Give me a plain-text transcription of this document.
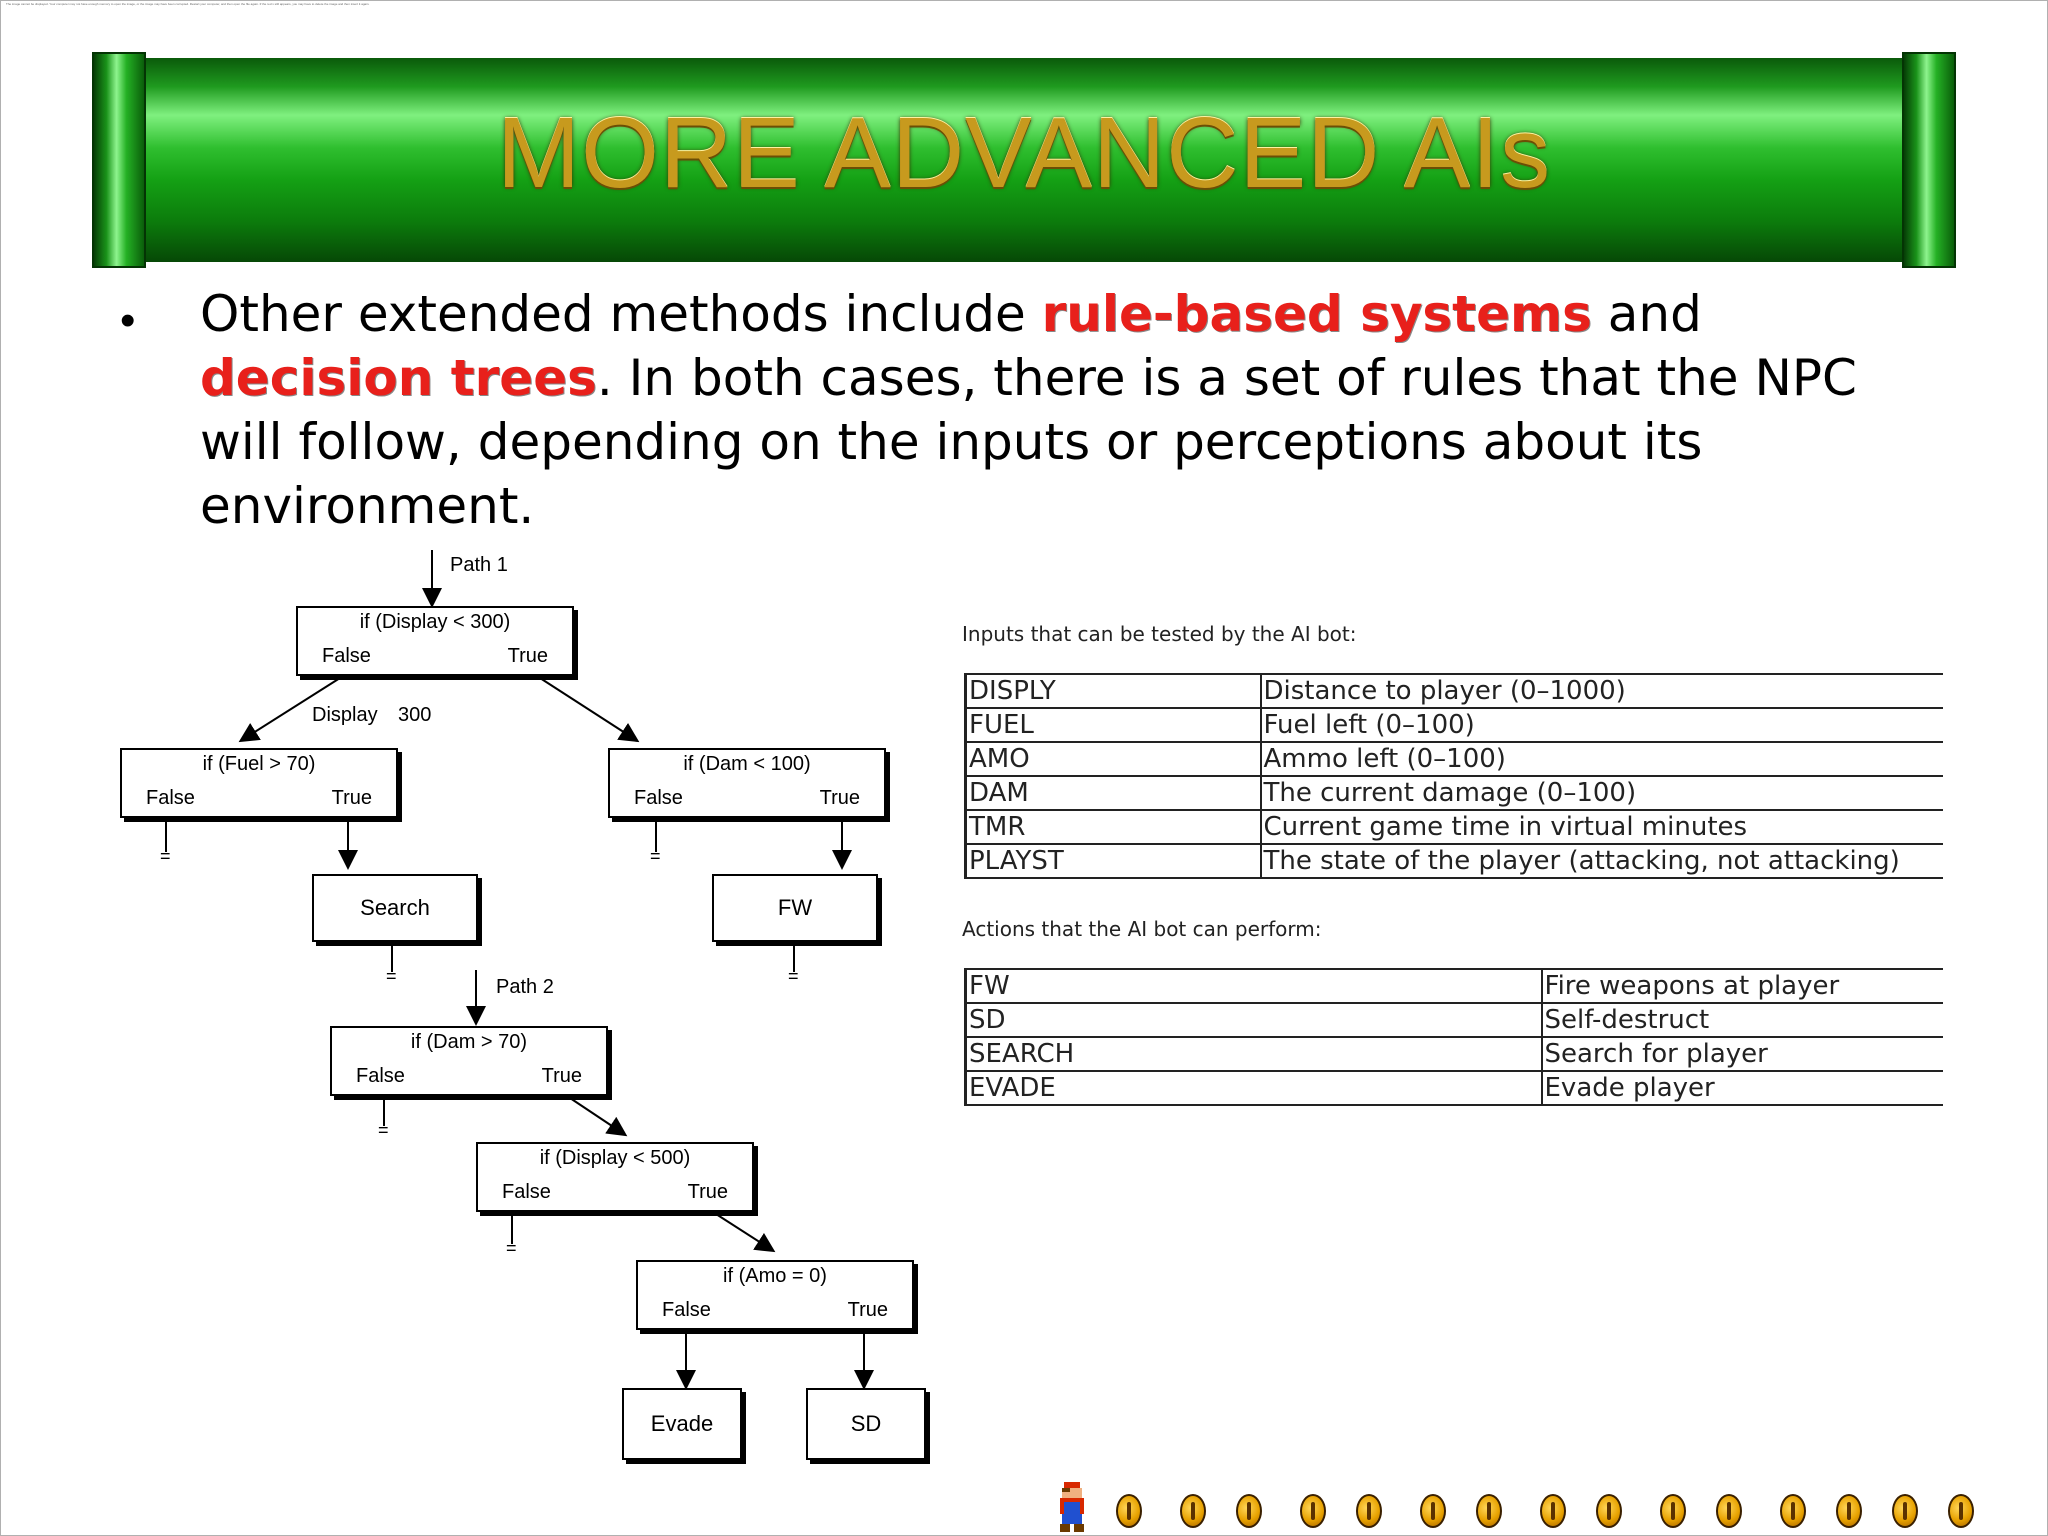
The image cannot be displayed. Your computer may not have enough memory to open the image, or the image may have been corrupted. Restart your computer, and then open the file again. If the red x still appears, you may have to delete the image and then insert it again.
MORE ADVANCED AIs
• Other extended methods include rule-based systems and decision trees. In both cases, there is a set of rules that the NPC will follow, depending on the inputs or perceptions about its environment.
Path 1
Display 300
Path 2
if (Display < 300)
False	True
if (Fuel > 70)
False	True
if (Dam < 100)
False	True
if (Dam > 70)
False	True
if (Display < 500)
False	True
if (Amo = 0)
False	True
Search	FW
Evade	SD
=	=
=	=
=
=
Inputs that can be tested by the AI bot:
DISPLY	Distance to player (0–1000)
FUEL	Fuel left (0–100)
AMO	Ammo left (0–100)
DAM	The current damage (0–100)
TMR	Current game time in virtual minutes
PLAYST	The state of the player (attacking, not attacking)
Actions that the AI bot can perform:
FW	Fire weapons at player
SD	Self-destruct
SEARCH	Search for player
EVADE	Evade player
